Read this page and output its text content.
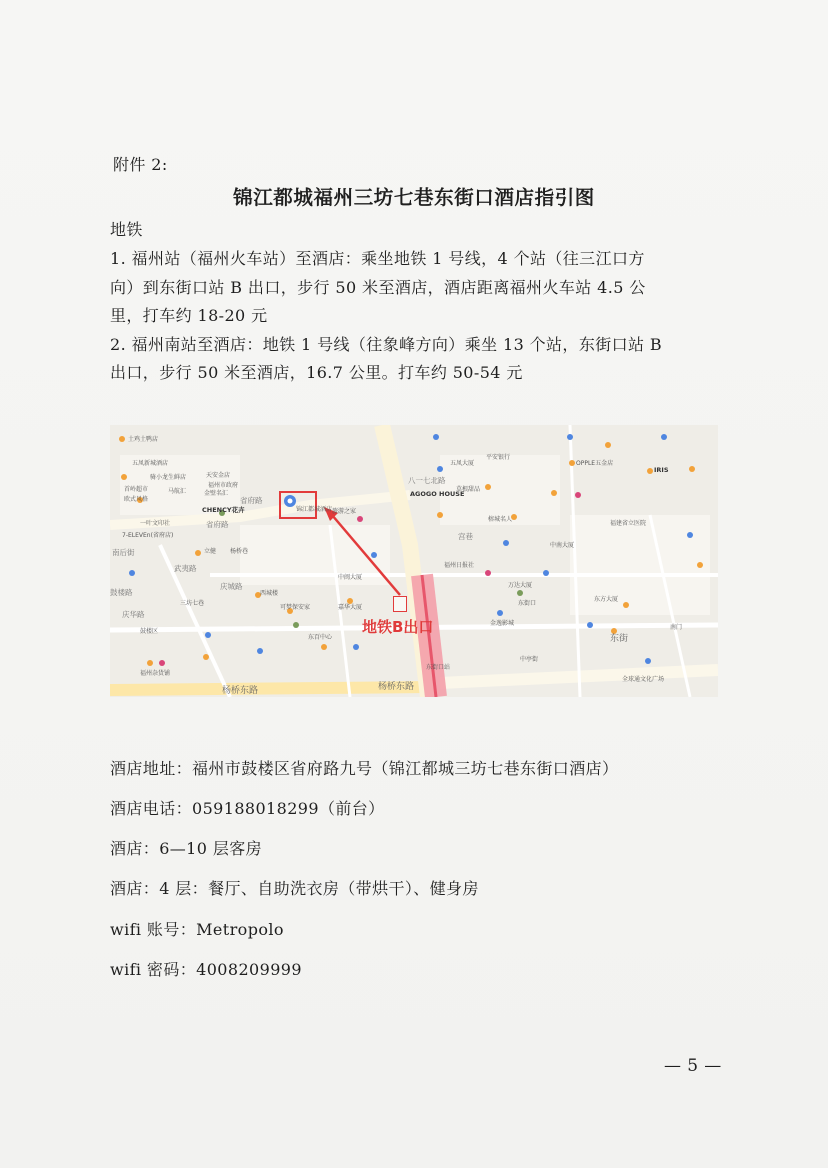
附件 2:
锦江都城福州三坊七巷东街口酒店指引图
地铁
1. 福州站（福州火车站）至酒店：乘坐地铁 1 号线，4 个站（往三江口方
向）到东街口站 B 出口，步行 50 米至酒店，酒店距离福州火车站 4.5 公
里，打车约 18-20 元
2. 福州南站至酒店：地铁 1 号线（往象峰方向）乘坐 13 个站，东街口站 B
出口，步行 50 米至酒店，16.7 公里。打车约 50-54 元
地铁B出口
土鸡土鸭店
五凤新城酒店
骑小龙生鲜店	天安金店
福州市政府
首岭超市	马航汇	金壁名汇
欧式风格
CHENCY花卉	锦江都城酒店
一叶文印社
7-ELEVEn(省府店)
省府路
立健 杨桥巷
庆城路
南后街
武夷路
庆华路
西城楼
可梦保安家	嘉华大厦
旅游之家
中闽大厦
AGOGO HOUSE
草根甜品
五凤大厦
平安银行
OPPLE五金店
IRIS
宫巷
东街
东街口
杨桥东路
杨桥东路
榕城名人
万达大厦
福州日报社
东百中心
八一七北路
金逸影城
东方大厦
全球通文化广场
南门
省府路
中亭街
鼓楼区
福州杂货铺
中南大厦
福建省立医院
东街口站
鼓楼路
三坊七巷
酒店地址：福州市鼓楼区省府路九号（锦江都城三坊七巷东街口酒店）
酒店电话：059188018299（前台）
酒店：6—10 层客房
酒店：4 层：餐厅、自助洗衣房（带烘干）、健身房
wifi 账号：Metropolo
wifi 密码：4008209999
— 5 —
